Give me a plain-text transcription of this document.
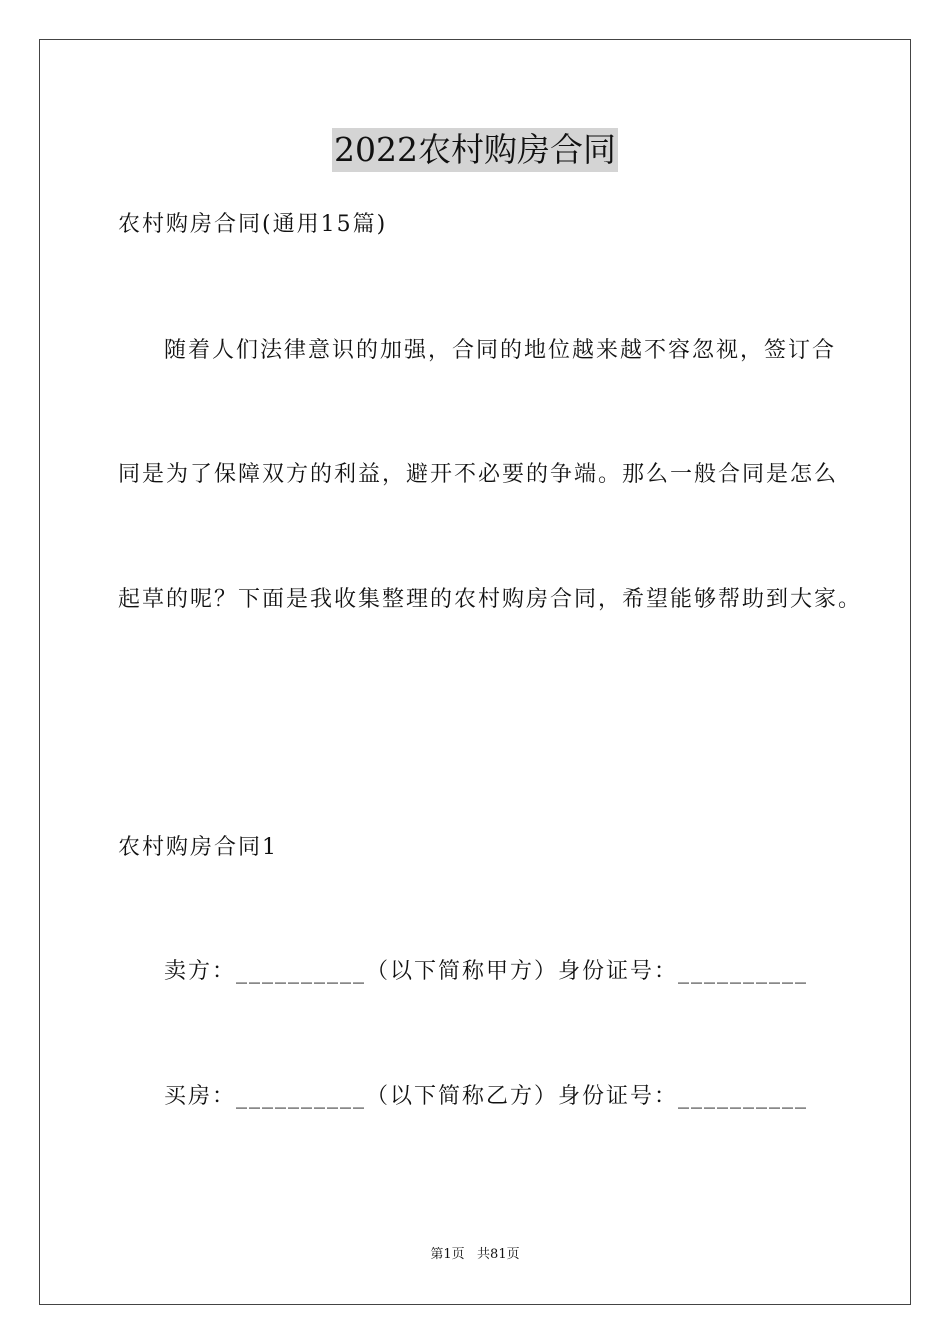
2022农村购房合同
农村购房合同(通用15篇)
随着人们法律意识的加强，合同的地位越来越不容忽视，签订合
同是为了保障双方的利益，避开不必要的争端。那么一般合同是怎么
起草的呢？下面是我收集整理的农村购房合同，希望能够帮助到大家。
农村购房合同1
卖方：__________（以下简称甲方）身份证号：__________
买房：__________（以下简称乙方）身份证号：__________
第1页   共81页
